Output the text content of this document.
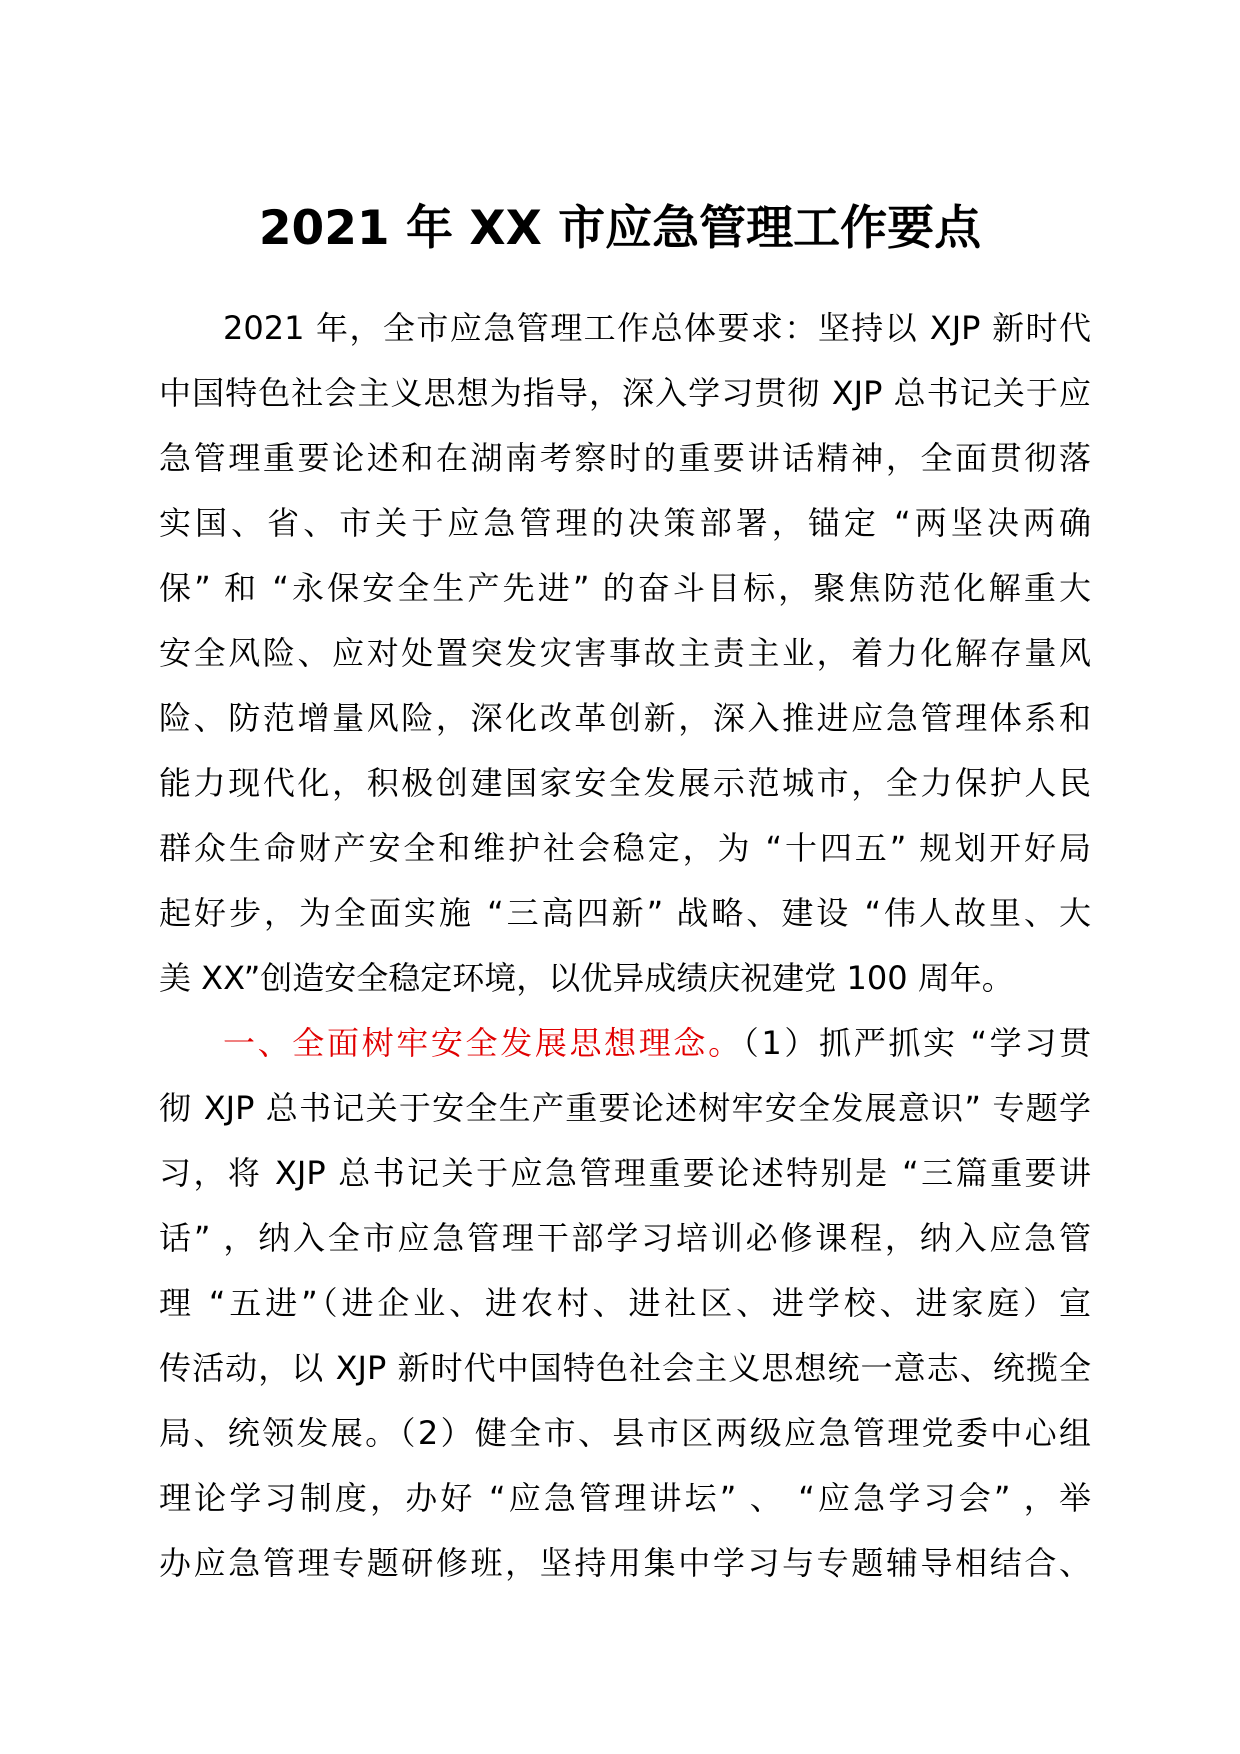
2021 年 XX 市应急管理工作要点
2021 年，全市应急管理工作总体要求：坚持以 XJP 新时代
中国特色社会主义思想为指导，深入学习贯彻 XJP 总书记关于应
急管理重要论述和在湖南考察时的重要讲话精神，全面贯彻落
实国、省、市关于应急管理的决策部署，锚定 “两坚决两确
保” 和 “永保安全生产先进” 的奋斗目标，聚焦防范化解重大
安全风险、应对处置突发灾害事故主责主业，着力化解存量风
险、防范增量风险，深化改革创新，深入推进应急管理体系和
能力现代化，积极创建国家安全发展示范城市，全力保护人民
群众生命财产安全和维护社会稳定，为 “十四五” 规划开好局
起好步，为全面实施 “三高四新” 战略、建设 “伟人故里、大
美 XX”创造安全稳定环境，以优异成绩庆祝建党 100 周年。
一、全面树牢安全发展思想理念。（1）抓严抓实 “学习贯
彻 XJP 总书记关于安全生产重要论述树牢安全发展意识” 专题学
习，将 XJP 总书记关于应急管理重要论述特别是 “三篇重要讲
话” ，纳入全市应急管理干部学习培训必修课程，纳入应急管
理 “五进”（进企业、进农村、进社区、进学校、进家庭）宣
传活动，以 XJP 新时代中国特色社会主义思想统一意志、统揽全
局、统领发展。（2）健全市、县市区两级应急管理党委中心组
理论学习制度，办好 “应急管理讲坛” 、 “应急学习会” ，举
办应急管理专题研修班，坚持用集中学习与专题辅导相结合、
